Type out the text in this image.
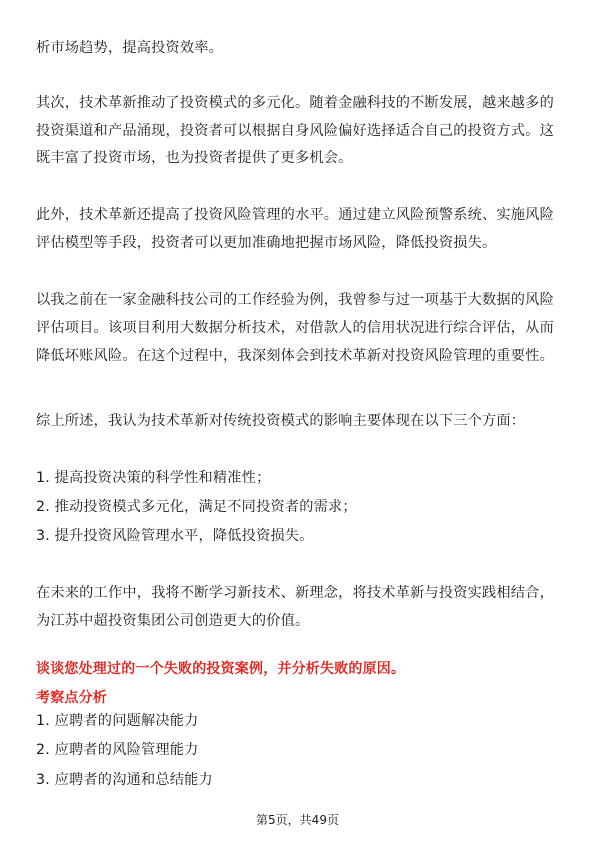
析市场趋势，提高投资效率。
其次，技术革新推动了投资模式的多元化。随着金融科技的不断发展，越来越多的
投资渠道和产品涌现，投资者可以根据自身风险偏好选择适合自己的投资方式。这
既丰富了投资市场，也为投资者提供了更多机会。
此外，技术革新还提高了投资风险管理的水平。通过建立风险预警系统、实施风险
评估模型等手段，投资者可以更加准确地把握市场风险，降低投资损失。
以我之前在一家金融科技公司的工作经验为例，我曾参与过一项基于大数据的风险
评估项目。该项目利用大数据分析技术，对借款人的信用状况进行综合评估，从而
降低坏账风险。在这个过程中，我深刻体会到技术革新对投资风险管理的重要性。
综上所述，我认为技术革新对传统投资模式的影响主要体现在以下三个方面：
1. 提高投资决策的科学性和精准性；
2. 推动投资模式多元化，满足不同投资者的需求；
3. 提升投资风险管理水平，降低投资损失。
在未来的工作中，我将不断学习新技术、新理念，将技术革新与投资实践相结合，
为江苏中超投资集团公司创造更大的价值。
谈谈您处理过的一个失败的投资案例，并分析失败的原因。
考察点分析
1. 应聘者的问题解决能力
2. 应聘者的风险管理能力
3. 应聘者的沟通和总结能力
第5页，共49页
